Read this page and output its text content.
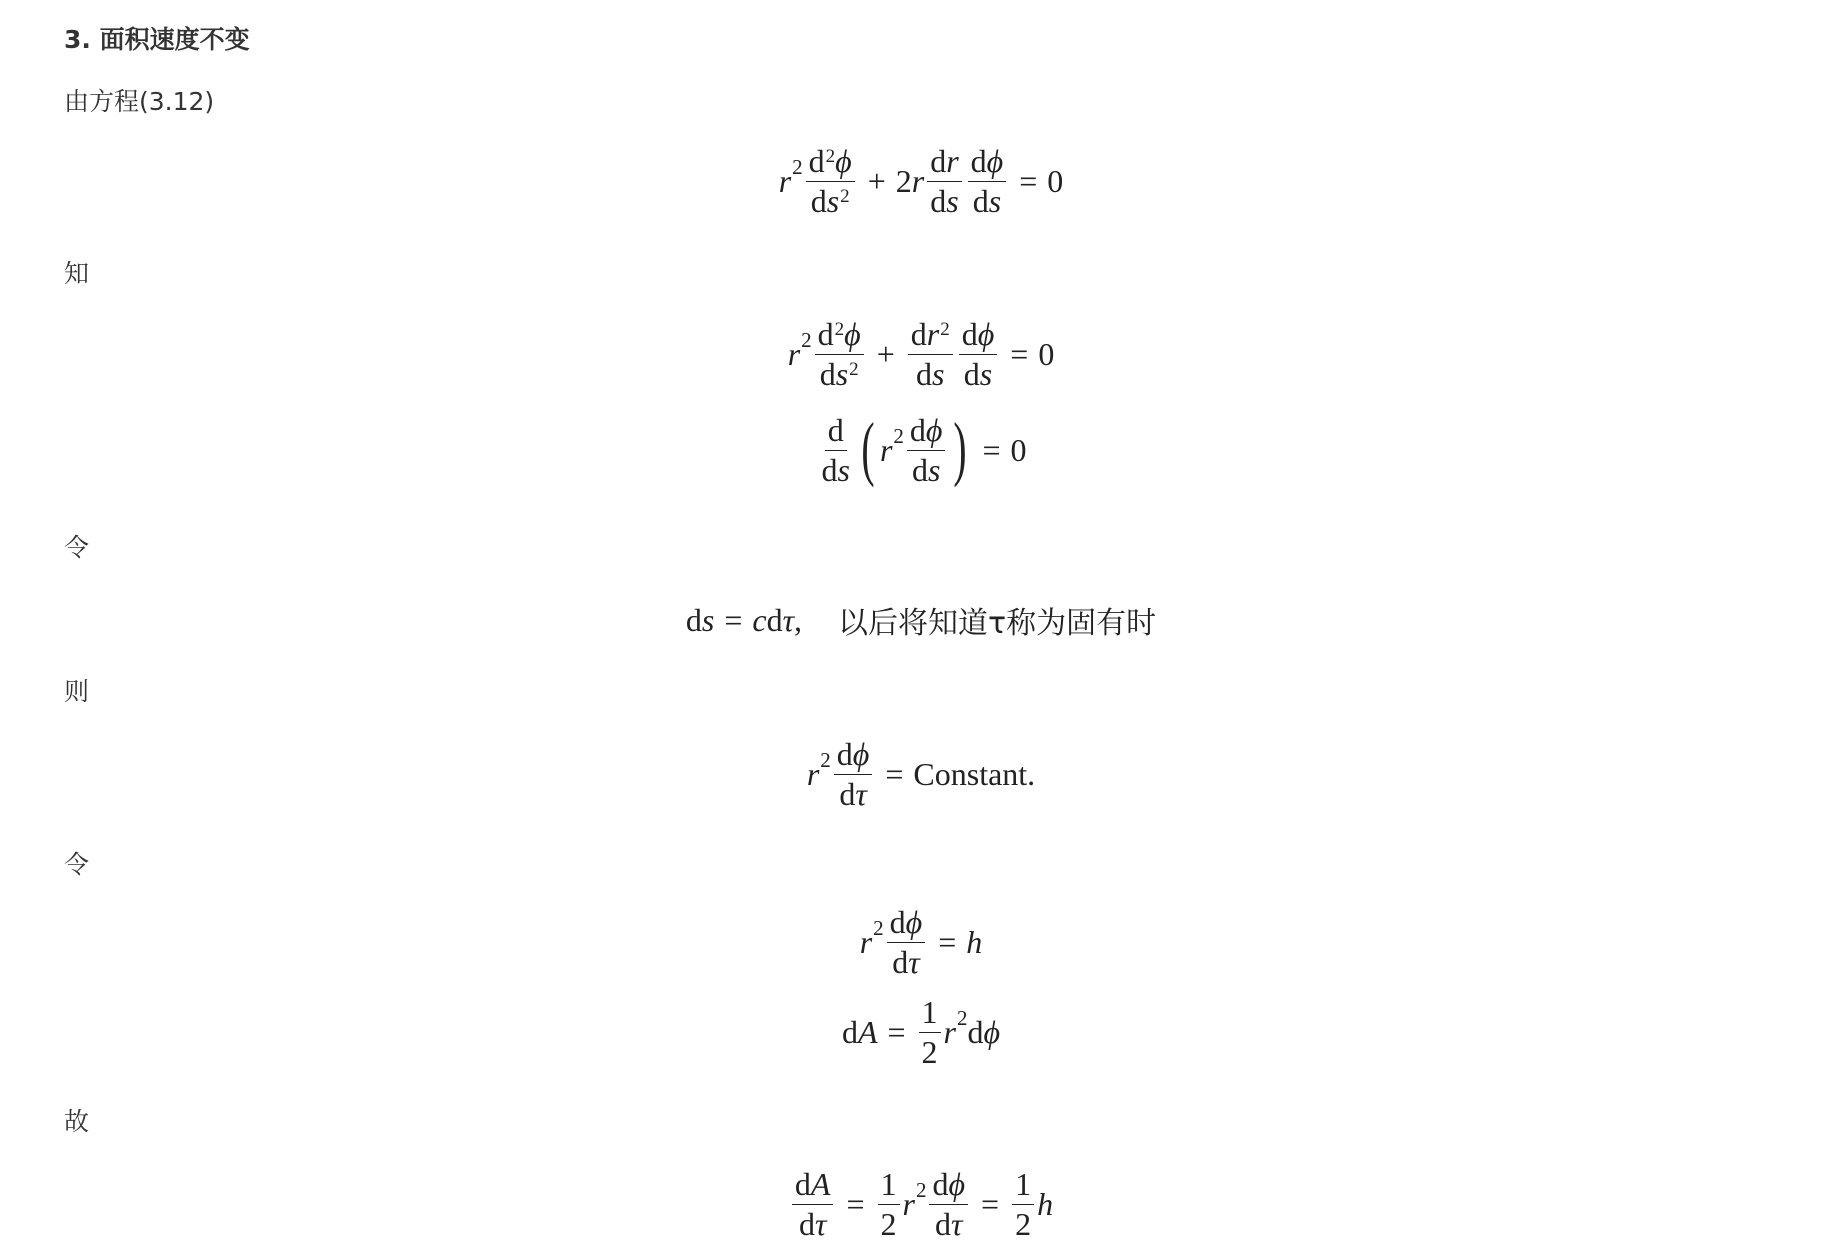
3. 面积速度不变
由方程(3.12)
r $2 \frac{d^2\phi}{ds^2} + 2$ r $\frac{dr}{ds} \frac{d\phi}{ds} = 0$
知
r $2 \frac{d^2\phi}{ds^2} + \frac{dr^2}{ds} \frac{d\phi}{ds} = 0$
$\frac{d}{ds}$ ( r $2 \frac{d\phi}{ds}$ ) = 0
令
d s = c d τ , 以后将知道τ称为固有时
则
r $2 \frac{d\phi}{d\tau}$ = Constant.
令
r $2 \frac{d\phi}{d\tau} = h$
d $A = \frac{1}{2}$ r 2 d ϕ
故
$\frac{dA}{d\tau} = \frac{1}{2}$ r $2 \frac{d\phi}{d\tau} = \frac{1}{2}$ h
